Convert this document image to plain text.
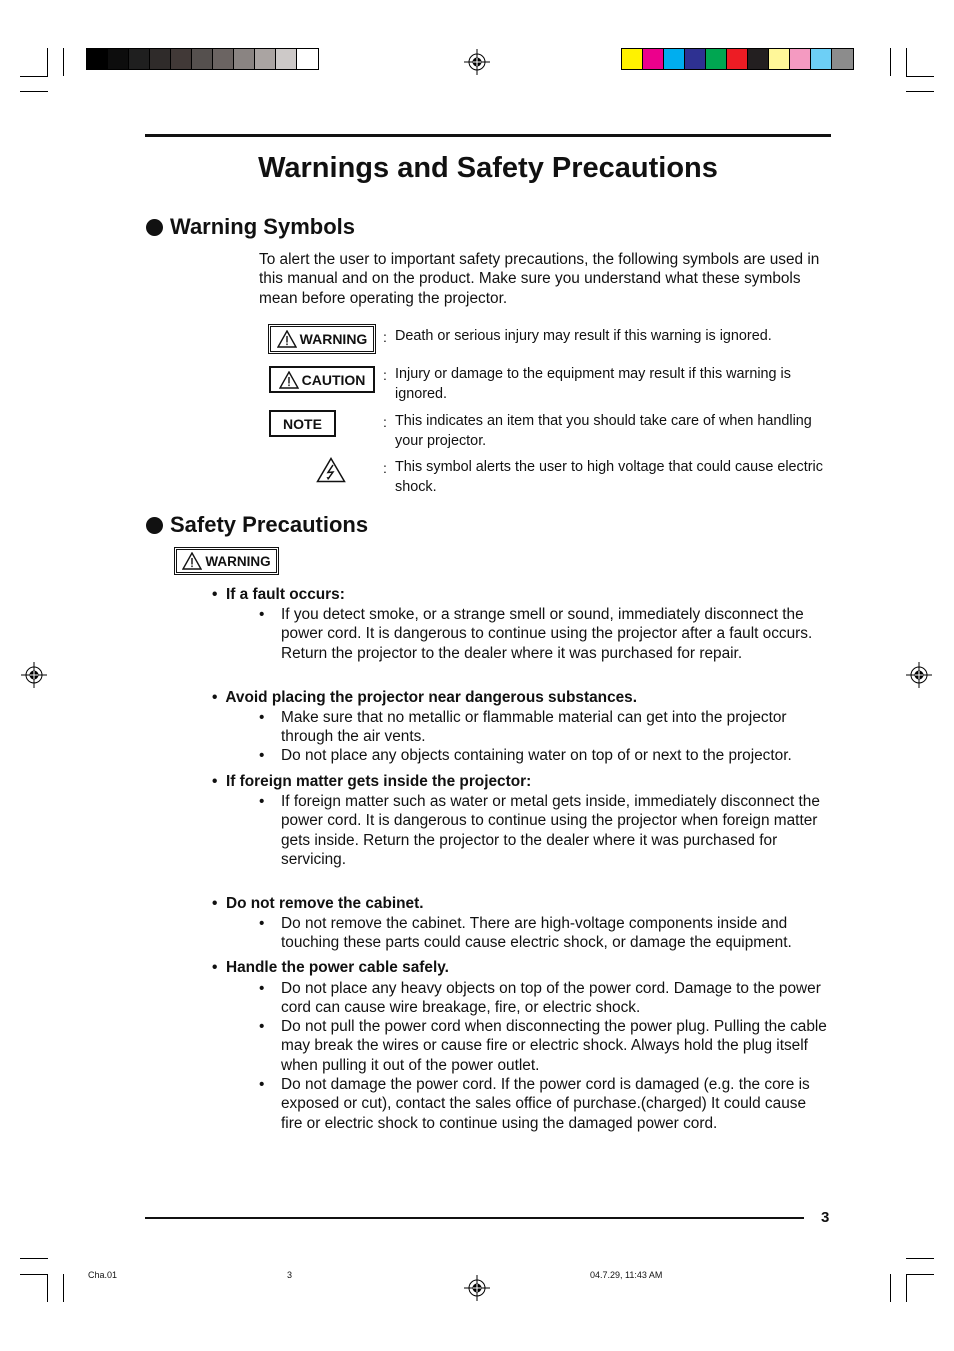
Warnings and Safety Precautions
Warning Symbols

To alert the user to important safety precautions, the following symbols are used in this manual and on the product. Make sure you understand what these symbols mean before operating the projector.

WARNING : Death or serious injury may result if this warning is ignored.

CAUTION : Injury or damage to the equipment may result if this warning is ignored.

NOTE	: This indicates an item that you should take care of when handling your projector.

: This symbol alerts the user to high voltage that could cause electric shock.

Safety Precautions
WARNING
• If a fault occurs:
•	If you detect smoke, or a strange smell or sound, immediately disconnect the power cord. It is dangerous to continue using the projector after a fault occurs. Return the projector to the dealer where it was purchased for repair.
• Avoid placing the projector near dangerous substances.
•	Make sure that no metallic or flammable material can get into the projector through the air vents.
•	Do not place any objects containing water on top of or next to the projector.
• If foreign matter gets inside the projector:
•	If foreign matter such as water or metal gets inside, immediately disconnect the power cord. It is dangerous to continue using the projector when foreign matter gets inside. Return the projector to the dealer where it was purchased for servicing.
• Do not remove the cabinet.
•	Do not remove the cabinet. There are high-voltage components inside and touching these parts could cause electric shock, or damage the equipment.
• Handle the power cable safely.
•	Do not place any heavy objects on top of the power cord. Damage to the power cord can cause wire breakage, fire, or electric shock.
•	Do not pull the power cord when disconnecting the power plug. Pulling the cable may break the wires or cause fire or electric shock. Always hold the plug itself when pulling it out of the power outlet.
•	Do not damage the power cord. If the power cord is damaged (e.g. the core is exposed or cut), contact the sales office of purchase.(charged) It could cause fire or electric shock to continue using the damaged power cord.
3
Cha.01	3	04.7.29, 11:43 AM
